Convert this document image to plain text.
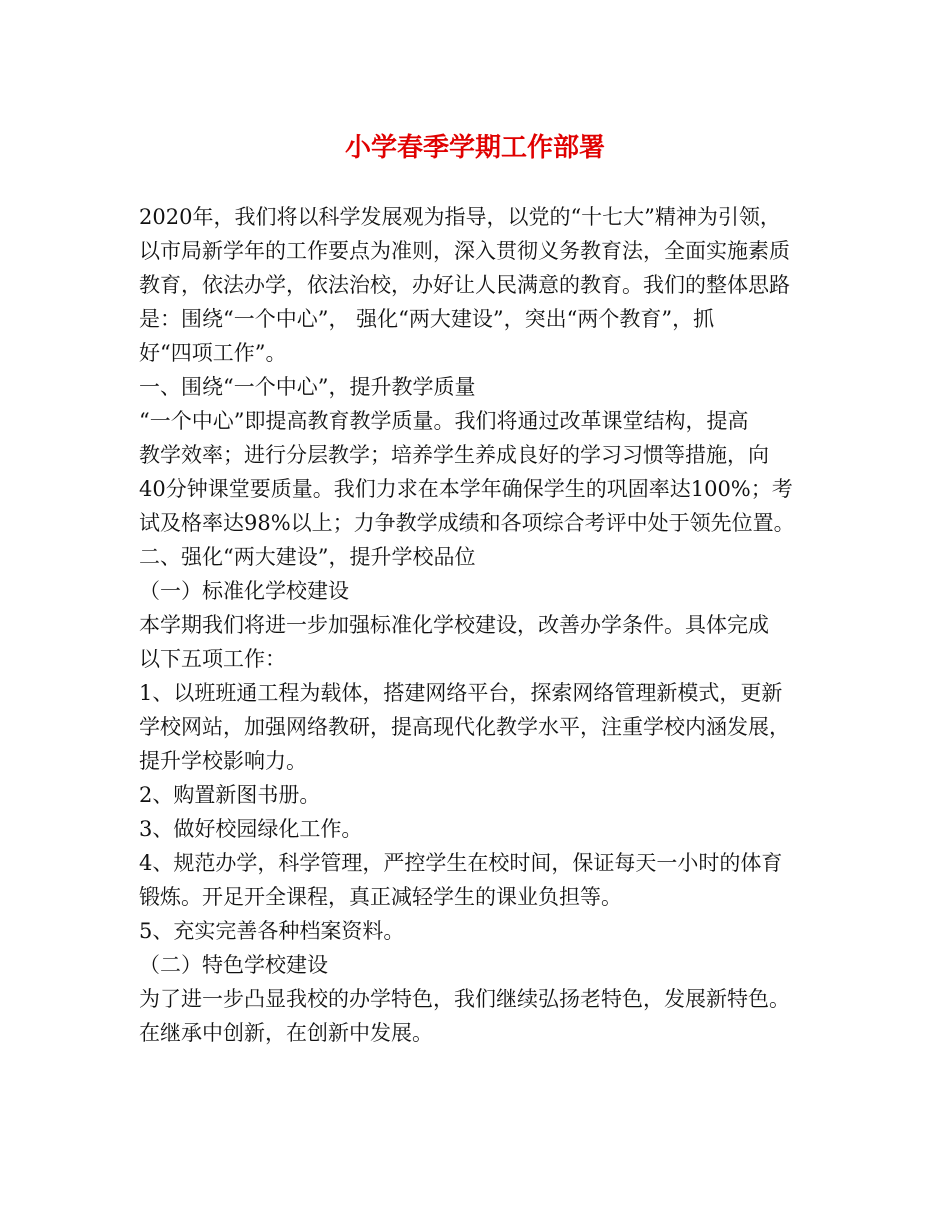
小学春季学期工作部署
2020年，我们将以科学发展观为指导，以党的“十七大”精神为引领，
以市局新学年的工作要点为准则，深入贯彻义务教育法，全面实施素质
教育，依法办学，依法治校，办好让人民满意的教育。我们的整体思路
是：围绕“一个中心”， 强化“两大建设”，突出“两个教育”，抓
好“四项工作”。
一、围绕“一个中心”，提升教学质量
“一个中心”即提高教育教学质量。我们将通过改革课堂结构，提高
教学效率；进行分层教学；培养学生养成良好的学习习惯等措施，向
40分钟课堂要质量。我们力求在本学年确保学生的巩固率达100%；考
试及格率达98%以上；力争教学成绩和各项综合考评中处于领先位置。
二、强化“两大建设”，提升学校品位
（一）标准化学校建设
本学期我们将进一步加强标准化学校建设，改善办学条件。具体完成
以下五项工作：
1、以班班通工程为载体，搭建网络平台，探索网络管理新模式，更新
学校网站，加强网络教研，提高现代化教学水平，注重学校内涵发展，
提升学校影响力。
2、购置新图书册。
3、做好校园绿化工作。
4、规范办学，科学管理，严控学生在校时间，保证每天一小时的体育
锻炼。开足开全课程，真正减轻学生的课业负担等。
5、充实完善各种档案资料。
（二）特色学校建设
为了进一步凸显我校的办学特色，我们继续弘扬老特色，发展新特色。
在继承中创新，在创新中发展。
